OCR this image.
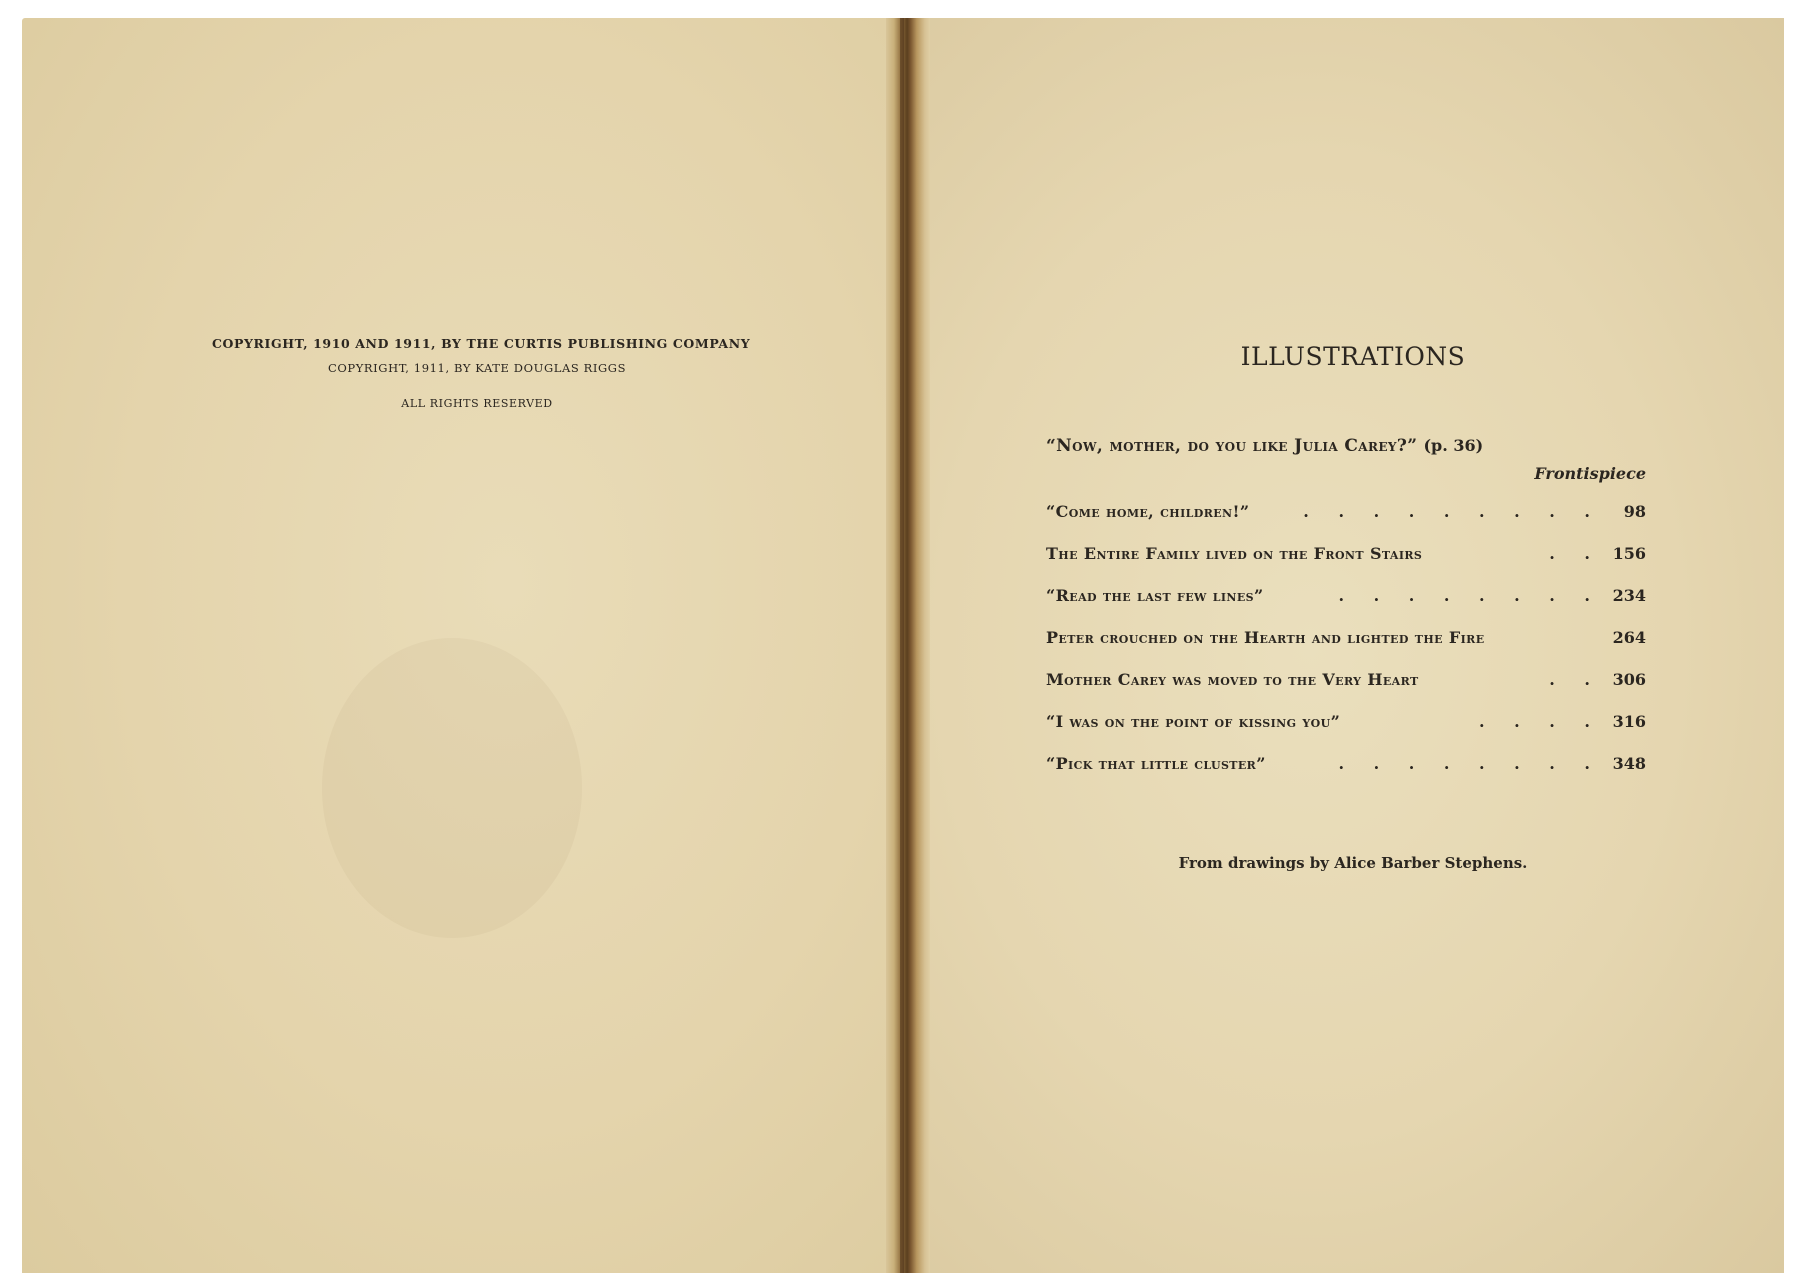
COPYRIGHT, 1910 AND 1911, BY THE CURTIS PUBLISHING COMPANY
COPYRIGHT, 1911, BY KATE DOUGLAS RIGGS
ALL RIGHTS RESERVED
ILLUSTRATIONS
“Now, mother, do you like Julia Carey?” (p. 36)
Frontispiece
“Come home, children!”	. . . . . . . . . 98
The Entire Family lived on the Front Stairs	. . 156
“Read the last few lines”	. . . . . . . . 234
Peter crouched on the Hearth and lighted the Fire	264
Mother Carey was moved to the Very Heart	. . 306
“I was on the point of kissing you”	. . . . 316
“Pick that little cluster”	. . . . . . . . 348
From drawings by Alice Barber Stephens.
